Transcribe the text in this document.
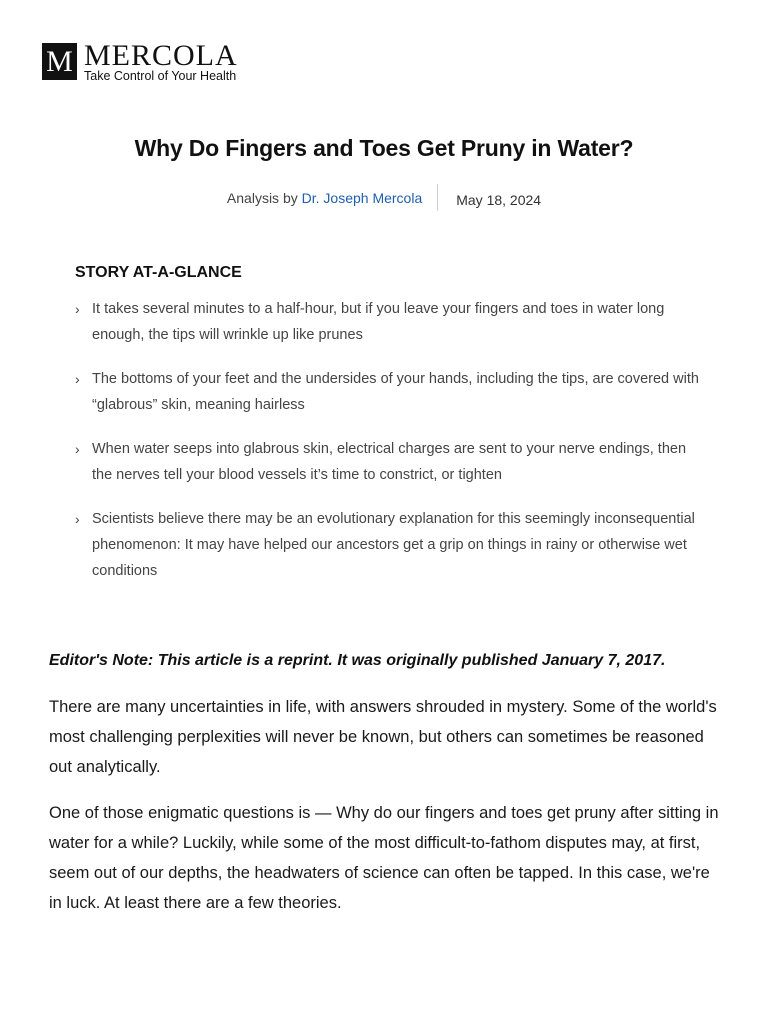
M MERCOLA
Take Control of Your Health
Why Do Fingers and Toes Get Pruny in Water?
Analysis by Dr. Joseph Mercola	May 18, 2024
STORY AT-A-GLANCE
› It takes several minutes to a half-hour, but if you leave your fingers and toes in water long enough, the tips will wrinkle up like prunes
› The bottoms of your feet and the undersides of your hands, including the tips, are covered with “glabrous” skin, meaning hairless
› When water seeps into glabrous skin, electrical charges are sent to your nerve endings, then the nerves tell your blood vessels it’s time to constrict, or tighten
› Scientists believe there may be an evolutionary explanation for this seemingly inconsequential phenomenon: It may have helped our ancestors get a grip on things in rainy or otherwise wet conditions

Editor's Note: This article is a reprint. It was originally published January 7, 2017.

There are many uncertainties in life, with answers shrouded in mystery. Some of the world's most challenging perplexities will never be known, but others can sometimes be reasoned out analytically.

One of those enigmatic questions is — Why do our fingers and toes get pruny after sitting in water for a while? Luckily, while some of the most difficult-to-fathom disputes may, at first, seem out of our depths, the headwaters of science can often be tapped. In this case, we're in luck. At least there are a few theories.
